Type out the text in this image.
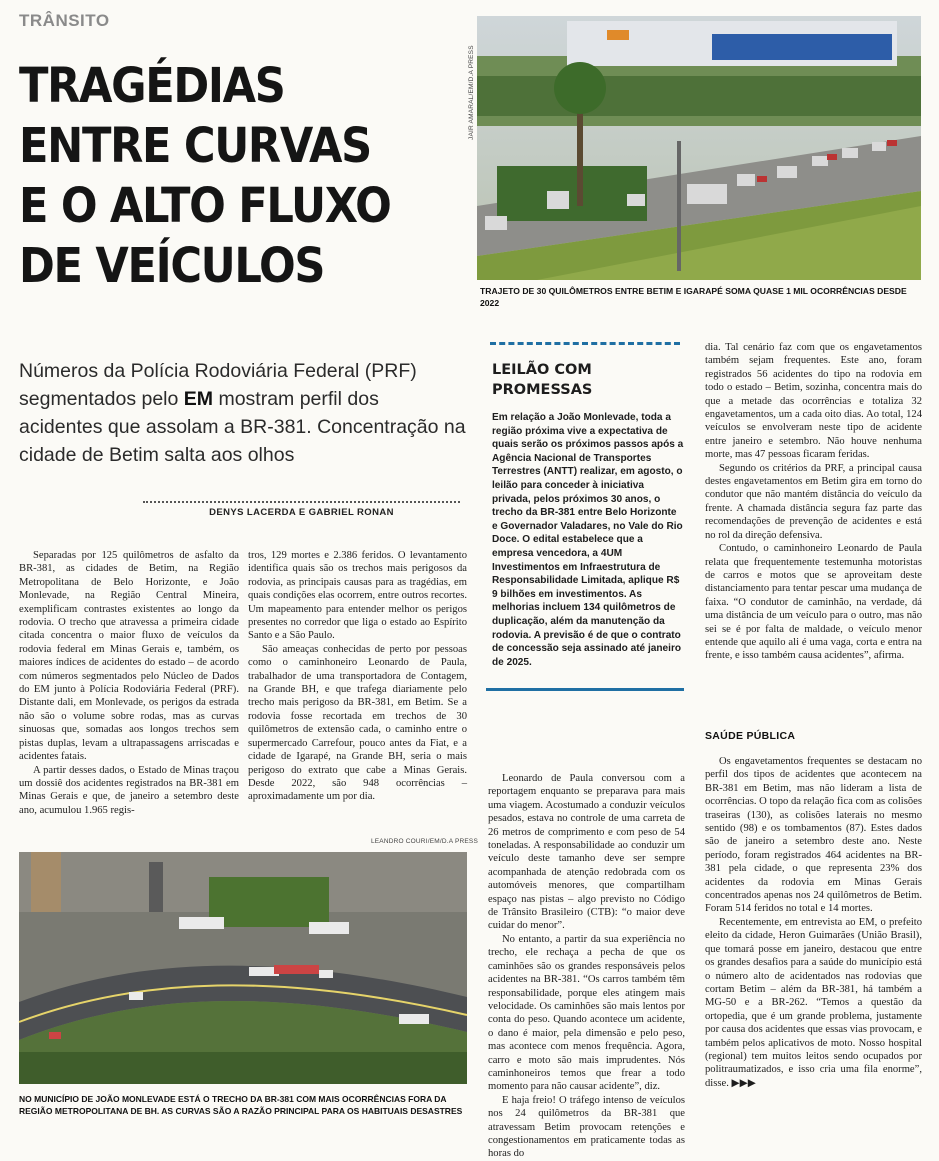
TRÂNSITO
TRAGÉDIAS
ENTRE CURVAS
E O ALTO FLUXO
DE VEÍCULOS
Números da Polícia Rodoviária Federal (PRF) segmentados pelo EM mostram perfil dos acidentes que assolam a BR-381. Concentração na cidade de Betim salta aos olhos
DENYS LACERDA E GABRIEL RONAN
JAIR AMARAL/EM/D.A PRESS
TRAJETO DE 30 QUILÔMETROS ENTRE BETIM E IGARAPÉ SOMA QUASE 1 MIL OCORRÊNCIAS DESDE 2022

Separadas por 125 quilômetros de asfalto da BR-381, as cidades de Betim, na Região Metropolitana de Belo Horizonte, e João Monlevade, na Região Central Mineira, exemplificam contrastes existentes ao longo da rodovia. O trecho que atravessa a primeira cidade citada concentra o maior fluxo de veículos da rodovia federal em Minas Gerais e, também, os maiores índices de acidentes do estado – de acordo com números segmentados pelo Núcleo de Dados do EM junto à Polícia Rodoviária Federal (PRF). Distante dali, em Monlevade, os perigos da estrada não são o volume sobre rodas, mas as curvas sinuosas que, somadas aos longos trechos sem pistas duplas, levam a ultrapassagens arriscadas e acidentes fatais.

A partir desses dados, o Estado de Minas traçou um dossiê dos acidentes registrados na BR-381 em Minas Gerais e que, de janeiro a setembro deste ano, acumulou 1.965 regis-

tros, 129 mortes e 2.386 feridos. O levantamento identifica quais são os trechos mais perigosos da rodovia, as principais causas para as tragédias, em quais condições elas ocorrem, entre outros recortes. Um mapeamento para entender melhor os perigos presentes no corredor que liga o estado ao Espírito Santo e a São Paulo.

São ameaças conhecidas de perto por pessoas como o caminhoneiro Leonardo de Paula, trabalhador de uma transportadora de Contagem, na Grande BH, e que trafega diariamente pelo trecho mais perigoso da BR-381, em Betim. Se a rodovia fosse recortada em trechos de 30 quilômetros de extensão cada, o caminho entre o supermercado Carrefour, pouco antes da Fiat, e a cidade de Igarapé, na Grande BH, seria o mais perigoso do extrato que cabe a Minas Gerais. Desde 2022, são 948 ocorrências – aproximadamente um por dia.

LEANDRO COURI/EM/D.A PRESS
NO MUNICÍPIO DE JOÃO MONLEVADE ESTÁ O TRECHO DA BR-381 COM MAIS OCORRÊNCIAS FORA DA
REGIÃO METROPOLITANA DE BH. AS CURVAS SÃO A RAZÃO PRINCIPAL PARA OS HABITUAIS DESASTRES
LEILÃO COM
PROMESSAS
Em relação a João Monlevade, toda a região próxima vive a expectativa de quais serão os próximos passos após a Agência Nacional de Transportes Terrestres (ANTT) realizar, em agosto, o leilão para conceder à iniciativa privada, pelos próximos 30 anos, o trecho da BR-381 entre Belo Horizonte e Governador Valadares, no Vale do Rio Doce. O edital estabelece que a empresa vencedora, a 4UM Investimentos em Infraestrutura de Responsabilidade Limitada, aplique R$ 9 bilhões em investimentos. As melhorias incluem 134 quilômetros de duplicação, além da manutenção da rodovia. A previsão é de que o contrato de concessão seja assinado até janeiro de 2025.

Leonardo de Paula conversou com a reportagem enquanto se preparava para mais uma viagem. Acostumado a conduzir veículos pesados, estava no controle de uma carreta de 26 metros de comprimento e com peso de 54 toneladas. A responsabilidade ao conduzir um veículo deste tamanho deve ser sempre acompanhada de atenção redobrada com os automóveis menores, que compartilham espaço nas pistas – algo previsto no Código de Trânsito Brasileiro (CTB): “o maior deve cuidar do menor”.

No entanto, a partir da sua experiência no trecho, ele rechaça a pecha de que os caminhões são os grandes responsáveis pelos acidentes na BR-381. “Os carros também têm responsabilidade, porque eles atingem mais velocidade. Os caminhões são mais lentos por conta do peso. Quando acontece um acidente, o dano é maior, pela dimensão e pelo peso, mas acontece com menos frequência. Agora, carro e moto são mais imprudentes. Nós caminhoneiros temos que frear a todo momento para não causar acidente”, diz.

E haja freio! O tráfego intenso de veículos nos 24 quilômetros da BR-381 que atravessam Betim provocam retenções e congestionamentos em praticamente todas as horas do

dia. Tal cenário faz com que os engavetamentos também sejam frequentes. Este ano, foram registrados 56 acidentes do tipo na rodovia em todo o estado – Betim, sozinha, concentra mais do que a metade das ocorrências e totaliza 32 engavetamentos, um a cada oito dias. Ao total, 124 veículos se envolveram neste tipo de acidente entre janeiro e setembro. Não houve nenhuma morte, mas 47 pessoas ficaram feridas.

Segundo os critérios da PRF, a principal causa destes engavetamentos em Betim gira em torno do condutor que não mantém distância do veículo da frente. A chamada distância segura faz parte das recomendações de prevenção de acidentes e está no rol da direção defensiva.

Contudo, o caminhoneiro Leonardo de Paula relata que frequentemente testemunha motoristas de carros e motos que se aproveitam deste distanciamento para tentar pescar uma mudança de faixa. “O condutor de caminhão, na verdade, dá uma distância de um veículo para o outro, mas não sei se é por falta de maldade, o veículo menor entende que aquilo ali é uma vaga, corta e entra na frente, e isso também causa acidentes”, afirma.

SAÚDE PÚBLICA

Os engavetamentos frequentes se destacam no perfil dos tipos de acidentes que acontecem na BR-381 em Betim, mas não lideram a lista de ocorrências. O topo da relação fica com as colisões traseiras (130), as colisões laterais no mesmo sentido (98) e os tombamentos (87). Estes dados são de janeiro a setembro deste ano. Neste período, foram registrados 464 acidentes na BR-381 pela cidade, o que representa 23% dos acidentes da rodovia em Minas Gerais concentrados apenas nos 24 quilômetros de Betim. Foram 514 feridos no total e 14 mortes.

Recentemente, em entrevista ao EM, o prefeito eleito da cidade, Heron Guimarães (União Brasil), que tomará posse em janeiro, destacou que entre os grandes desafios para a saúde do município está o número alto de acidentados nas rodovias que cortam Betim – além da BR-381, há também a MG-50 e a BR-262. “Temos a questão da ortopedia, que é um grande problema, justamente por causa dos acidentes que essas vias provocam, e também pelos aplicativos de moto. Nosso hospital (regional) tem muitos leitos sendo ocupados por politraumatizados, e isso cria uma fila enorme”, disse. ▶▶▶
